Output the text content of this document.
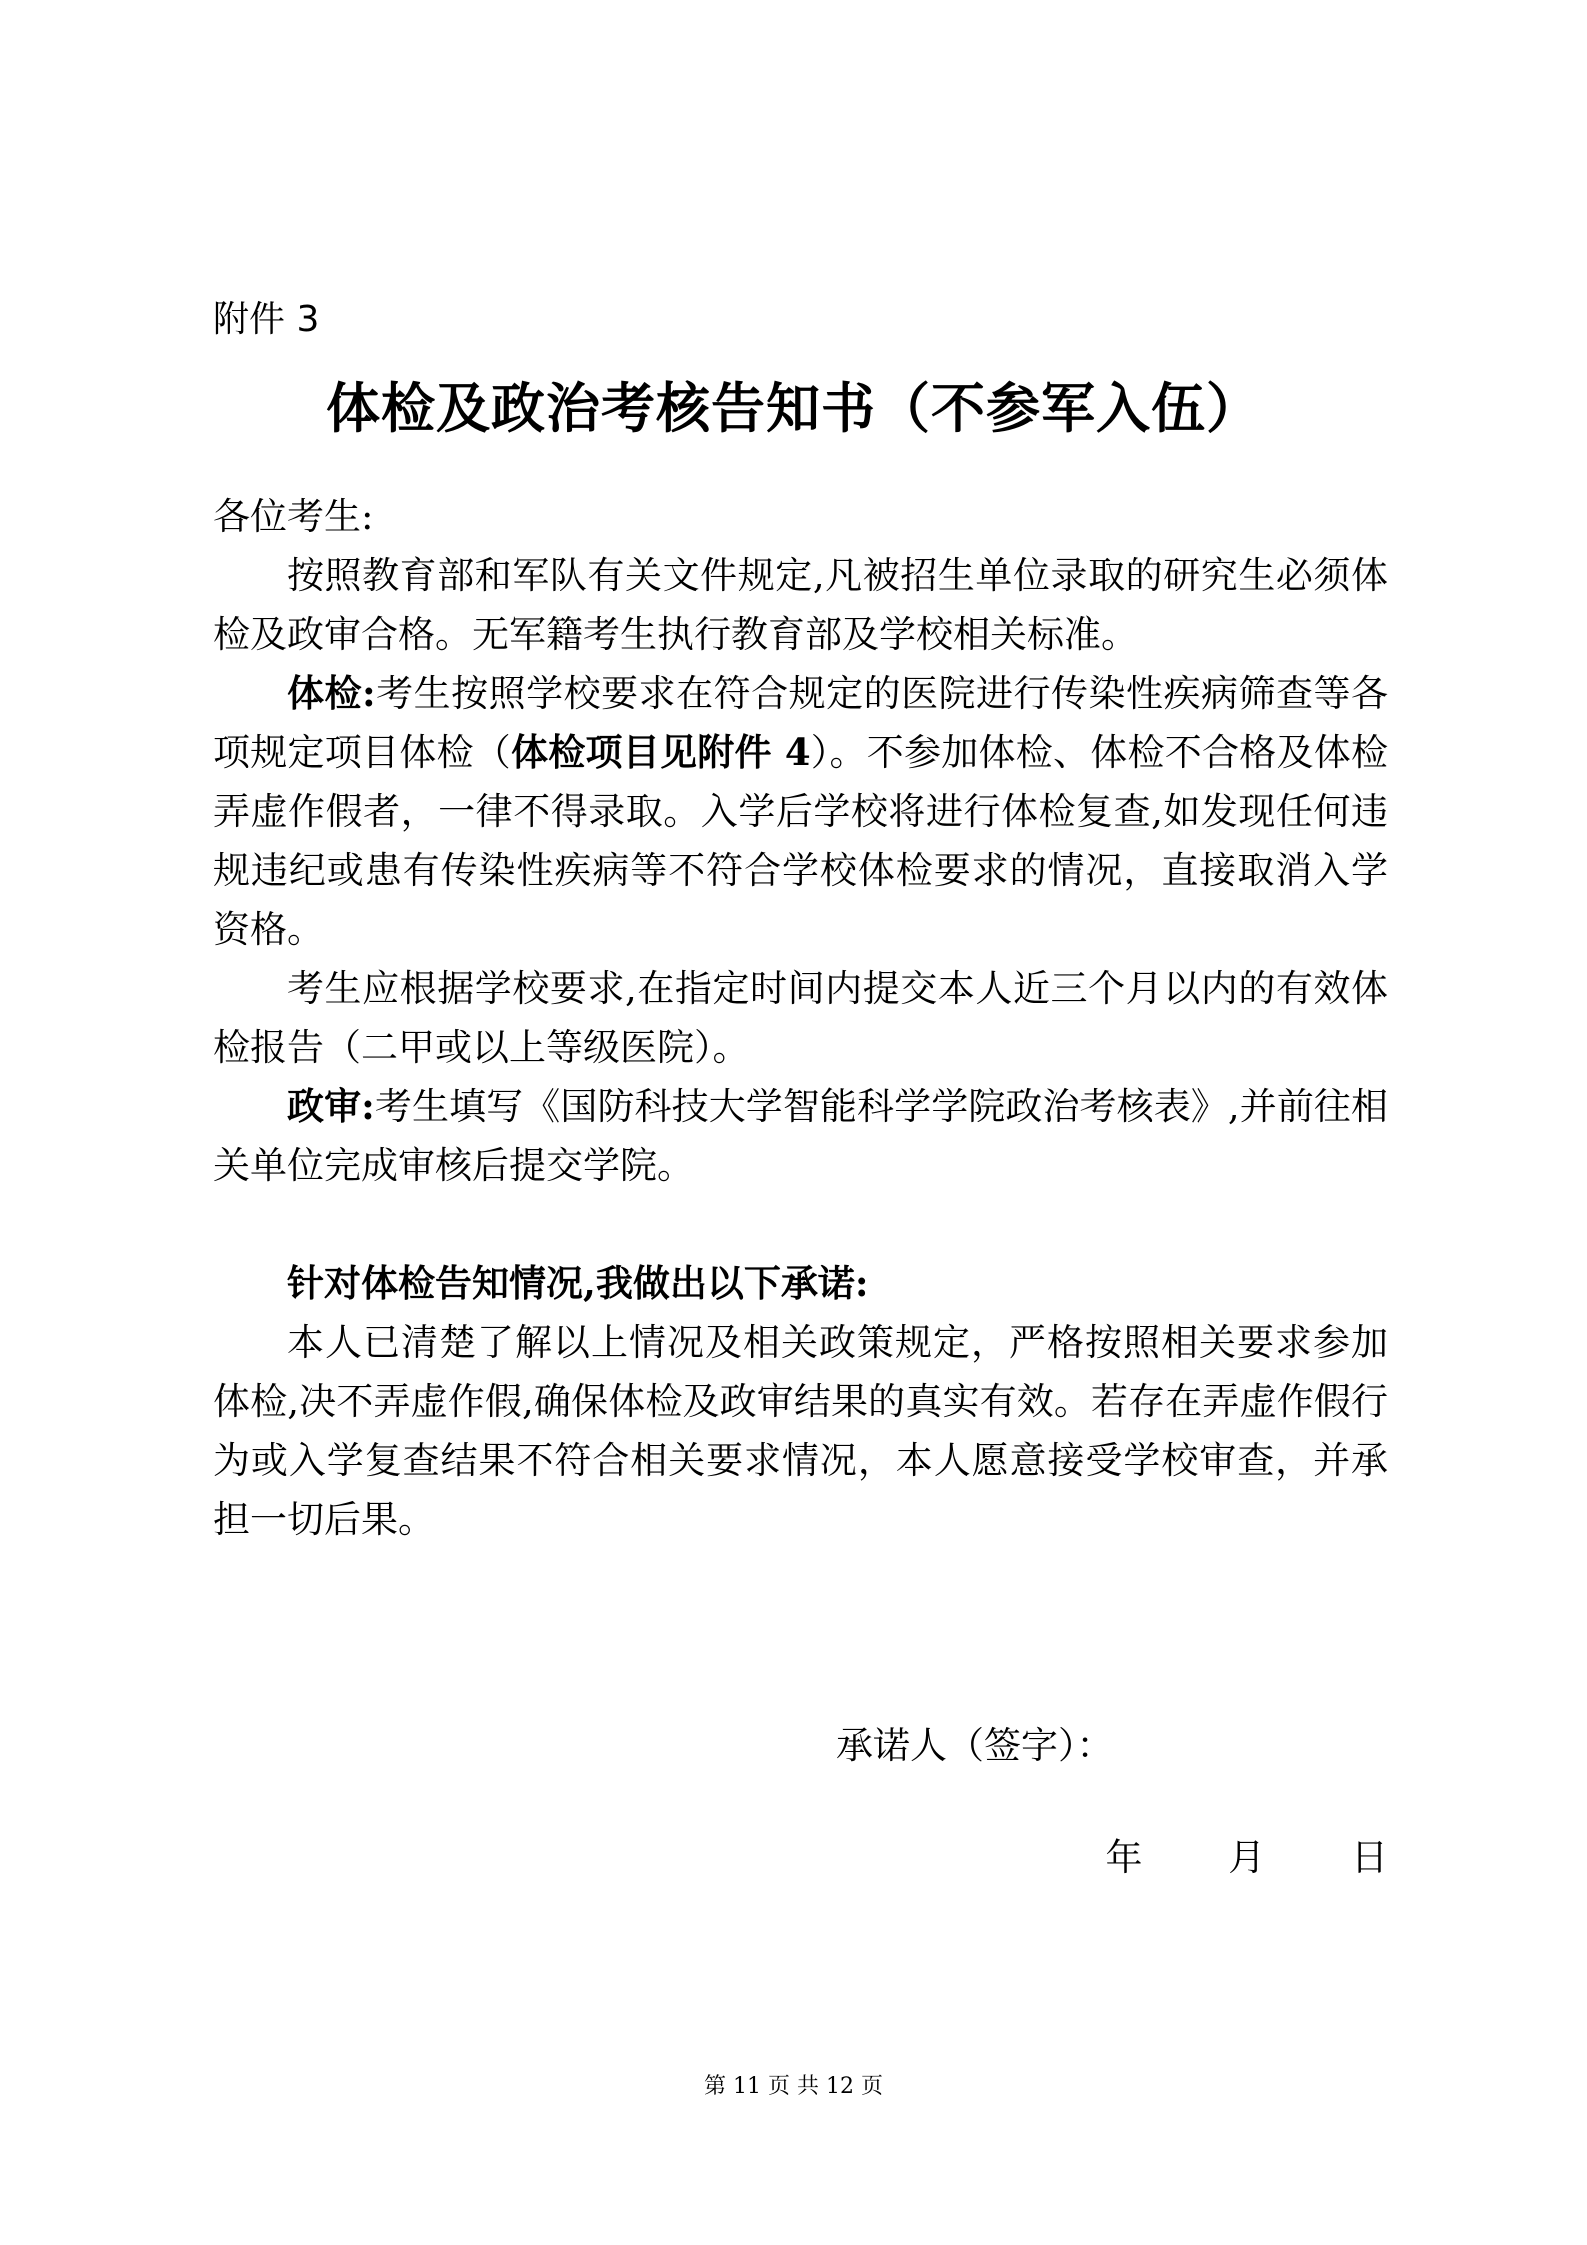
附件 3
体检及政治考核告知书（不参军入伍）

各位考生:

按照教育部和军队有关文件规定,凡被招生单位录取的研究生必须体检及政审合格。无军籍考生执行教育部及学校相关标准。

体检:考生按照学校要求在符合规定的医院进行传染性疾病筛查等各项规定项目体检（体检项目见附件 4）。不参加体检、体检不合格及体检弄虚作假者，一律不得录取。入学后学校将进行体检复查,如发现任何违规违纪或患有传染性疾病等不符合学校体检要求的情况，直接取消入学资格。

考生应根据学校要求,在指定时间内提交本人近三个月以内的有效体检报告（二甲或以上等级医院）。

政审:考生填写《国防科技大学智能科学学院政治考核表》,并前往相关单位完成审核后提交学院。

针对体检告知情况,我做出以下承诺:

本人已清楚了解以上情况及相关政策规定，严格按照相关要求参加体检,决不弄虚作假,确保体检及政审结果的真实有效。若存在弄虚作假行为或入学复查结果不符合相关要求情况，本人愿意接受学校审查，并承担一切后果。

承诺人（签字）：
年 月 日
第 11 页 共 12 页
